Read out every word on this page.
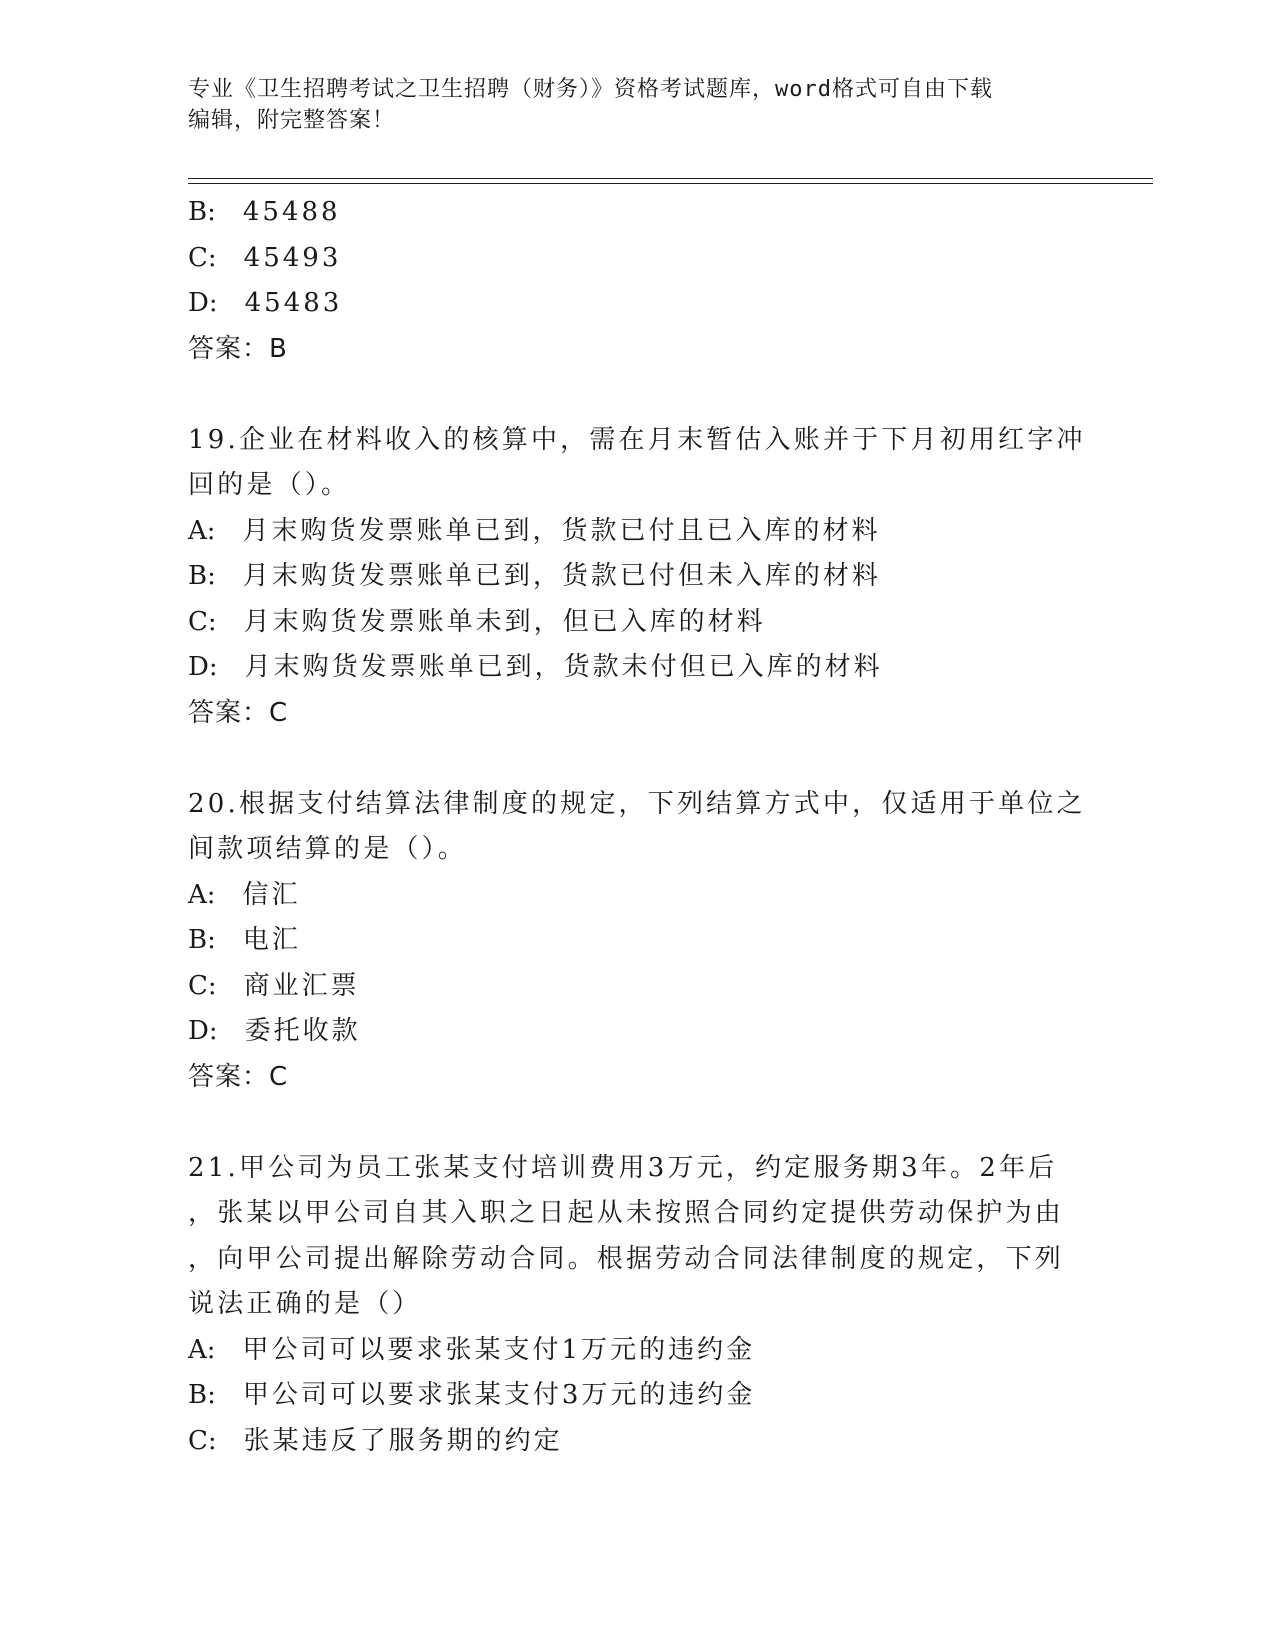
专业《卫生招聘考试之卫生招聘（财务）》资格考试题库，word格式可自由下载
编辑，附完整答案！
B: 45488
C: 45493
D: 45483
答案：B
19.企业在材料收入的核算中，需在月末暂估入账并于下月初用红字冲
回的是（）。
A: 月末购货发票账单已到，货款已付且已入库的材料
B: 月末购货发票账单已到，货款已付但未入库的材料
C: 月末购货发票账单未到，但已入库的材料
D: 月末购货发票账单已到，货款未付但已入库的材料
答案：C
20.根据支付结算法律制度的规定，下列结算方式中，仅适用于单位之
间款项结算的是（）。
A: 信汇
B: 电汇
C: 商业汇票
D: 委托收款
答案：C
21.甲公司为员工张某支付培训费用3万元，约定服务期3年。2年后
，张某以甲公司自其入职之日起从未按照合同约定提供劳动保护为由
，向甲公司提出解除劳动合同。根据劳动合同法律制度的规定，下列
说法正确的是（）
A: 甲公司可以要求张某支付1万元的违约金
B: 甲公司可以要求张某支付3万元的违约金
C: 张某违反了服务期的约定
